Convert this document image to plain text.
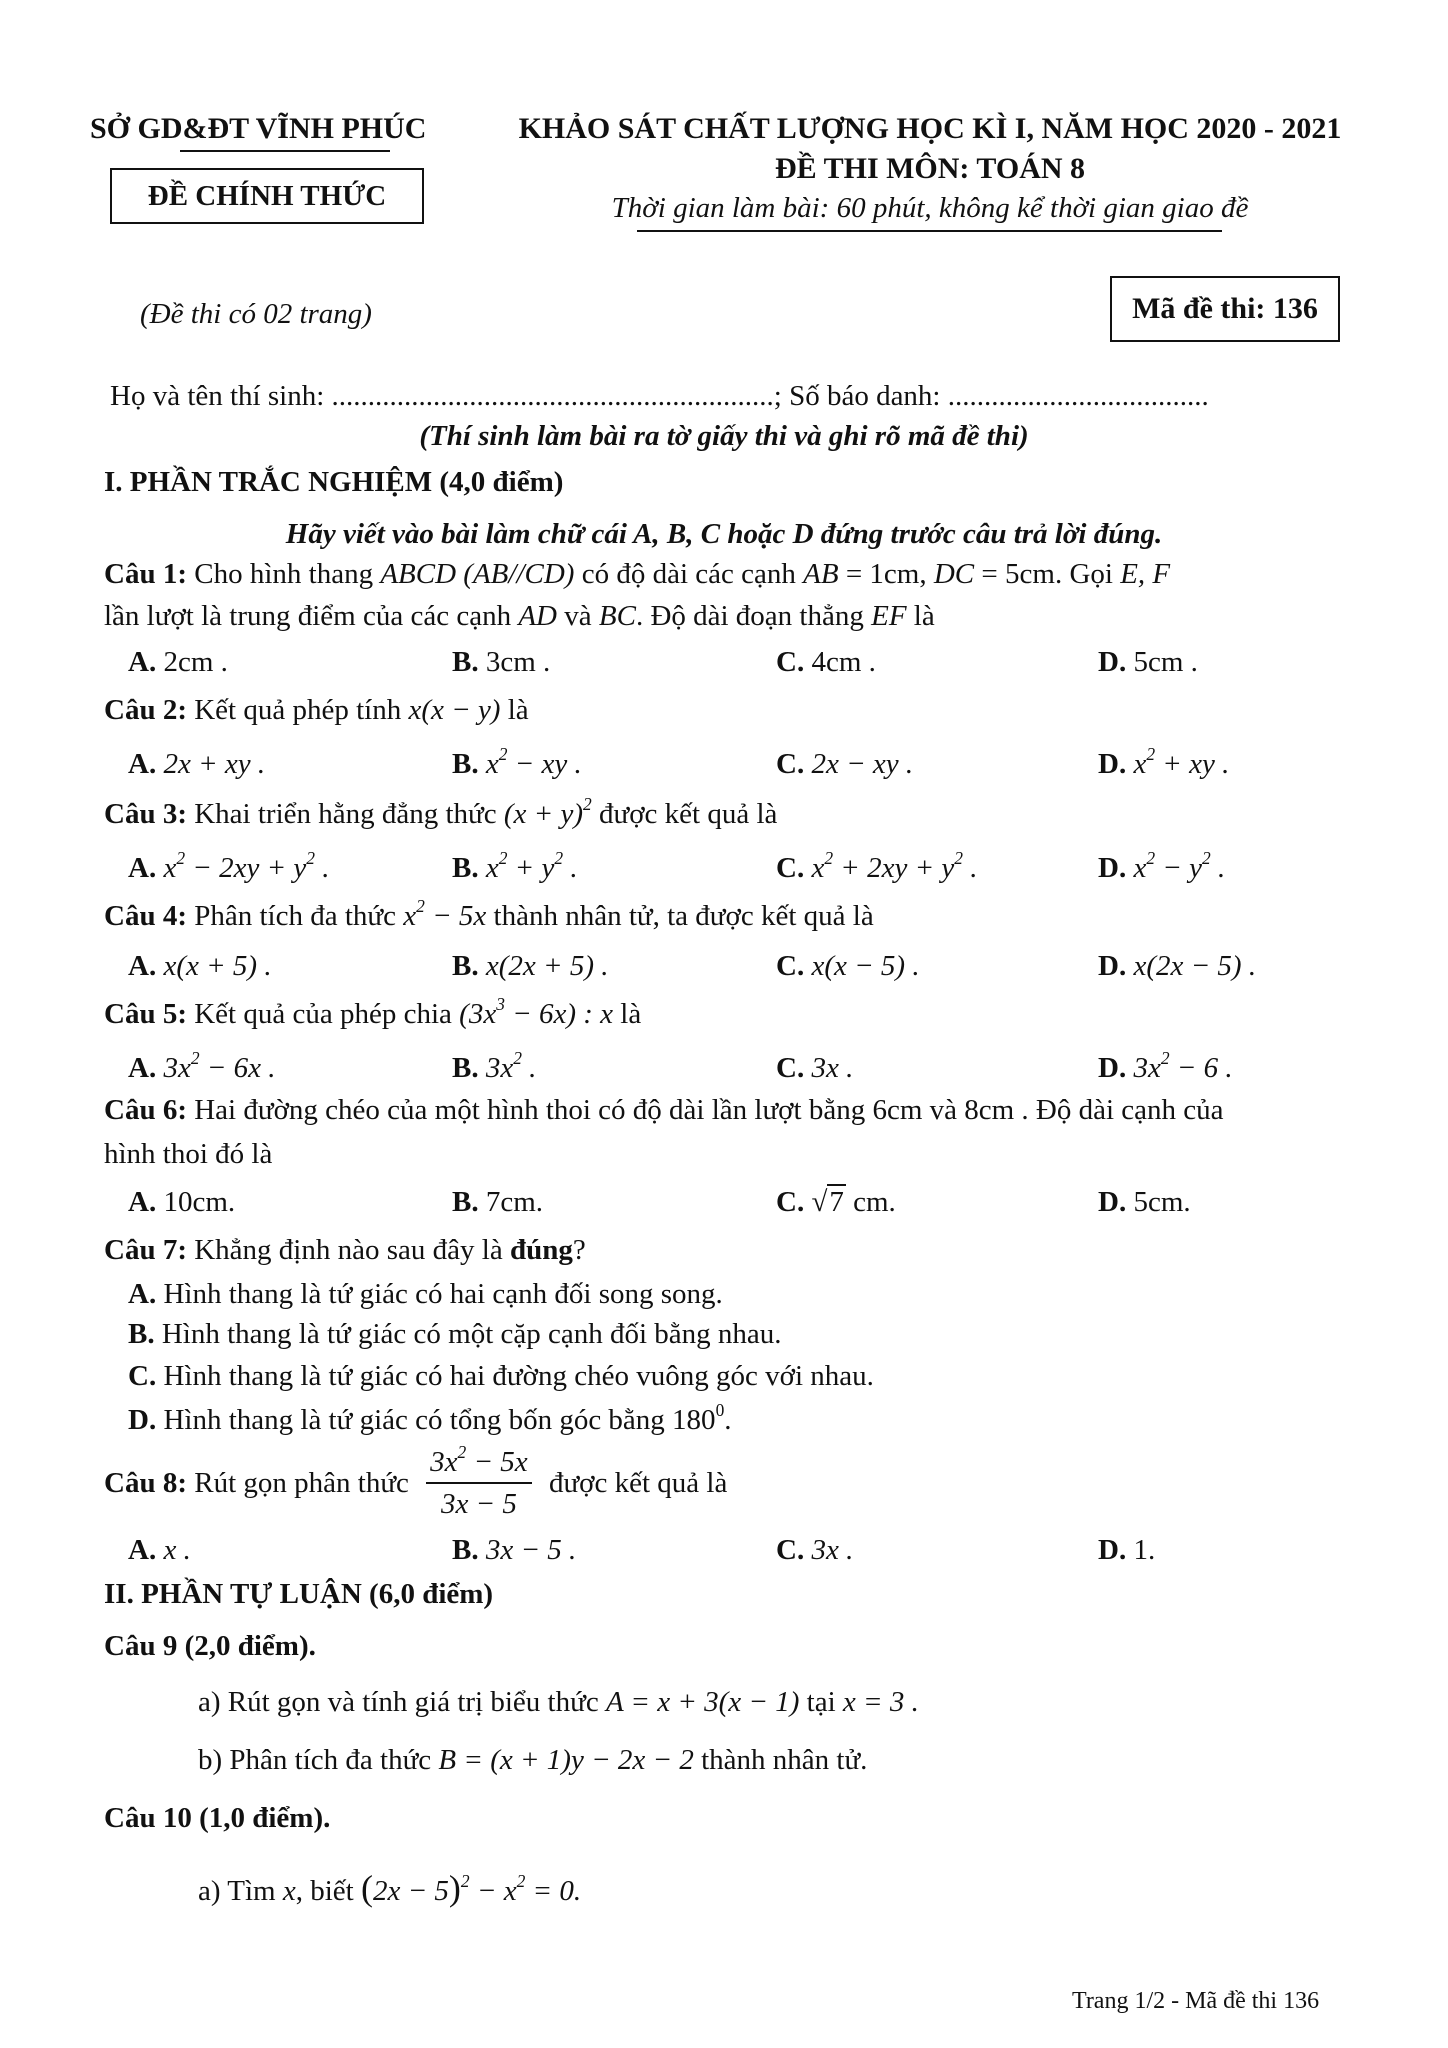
SỞ GD&ĐT VĨNH PHÚC
ĐỀ CHÍNH THỨC
KHẢO SÁT CHẤT LƯỢNG HỌC KÌ I, NĂM HỌC 2020 - 2021
ĐỀ THI MÔN: TOÁN 8
Thời gian làm bài: 60 phút, không kể thời gian giao đề
(Đề thi có 02 trang)	Mã đề thi: 136
Họ và tên thí sinh: .............................................................; Số báo danh: ....................................
(Thí sinh làm bài ra tờ giấy thi và ghi rõ mã đề thi)
I. PHẦN TRẮC NGHIỆM (4,0 điểm)
Hãy viết vào bài làm chữ cái A, B, C hoặc D đứng trước câu trả lời đúng.
Câu 1: Cho hình thang ABCD (AB//CD) có độ dài các cạnh AB = 1cm, DC = 5cm. Gọi E, F
lần lượt là trung điểm của các cạnh AD và BC. Độ dài đoạn thẳng EF là
A. 2cm .	B. 3cm .	C. 4cm .	D. 5cm .
Câu 2: Kết quả phép tính x(x − y) là
A. 2x + xy .	B. $x^2$ − xy .	C. 2x − xy .	D. $x^2$ + xy .
Câu 3: Khai triển hằng đẳng thức $(x + y)^2$ được kết quả là
A. $x^2 - 2xy + y^2$ .	B. $x^2 + y^2$ .	C. $x^2 + 2xy + y^2$ .	D. $x^2 - y^2$ .
Câu 4: Phân tích đa thức $x^2 - 5x$ thành nhân tử, ta được kết quả là
A. x(x + 5) .	B. x(2x + 5) .	C. x(x − 5) .	D. x(2x − 5) .
Câu 5: Kết quả của phép chia $(3x^3 - 6x)$ : x là
A. $3x^2 - 6x$ .	B. $3x^2$ .	C. 3x .	D. $3x^2 - 6$ .
Câu 6: Hai đường chéo của một hình thoi có độ dài lần lượt bằng 6cm và 8cm . Độ dài cạnh của
hình thoi đó là
A. 10cm.	B. 7cm.	C. √7 cm.	D. 5cm.
Câu 7: Khẳng định nào sau đây là đúng?
A. Hình thang là tứ giác có hai cạnh đối song song.
B. Hình thang là tứ giác có một cặp cạnh đối bằng nhau.
C. Hình thang là tứ giác có hai đường chéo vuông góc với nhau.
D. Hình thang là tứ giác có tổng bốn góc bằng $180^0$.
Câu 8: Rút gọn phân thức $\frac{3x^2 - 5x}{3x - 5}$ được kết quả là
A. x .	B. 3x − 5 .	C. 3x .	D. 1.
II. PHẦN TỰ LUẬN (6,0 điểm)
Câu 9 (2,0 điểm).
a) Rút gọn và tính giá trị biểu thức A = x + 3(x − 1) tại x = 3 .
b) Phân tích đa thức B = (x + 1)y − 2x − 2 thành nhân tử.
Câu 10 (1,0 điểm).
a) Tìm x, biết $(2x - 5)^2 - x^2 = 0$.
Trang 1/2 - Mã đề thi 136
